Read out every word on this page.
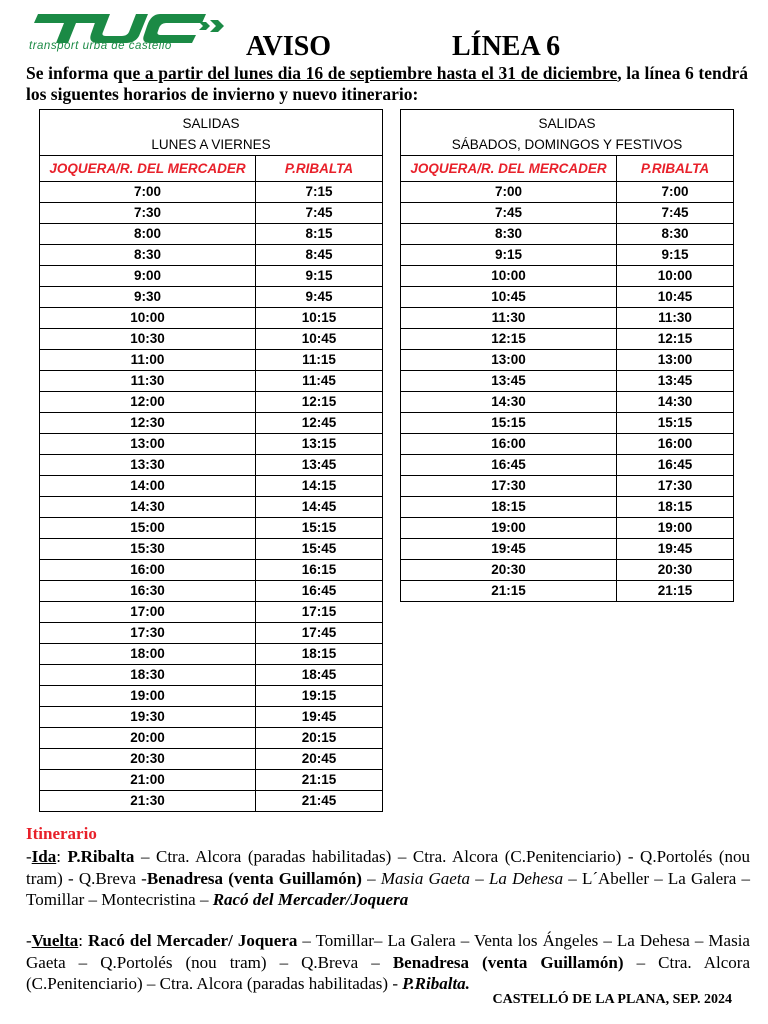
transport urbà de castelló	AVISO	LÍNEA 6
Se informa que a partir del lunes dia 16 de septiembre hasta el 31 de diciembre, la línea 6 tendrá los siguentes horarios de invierno y nuevo itinerario:
SALIDAS
LUNES A VIERNES	
JOQUERA/R. DEL MERCADER	P.RIBALTA
7:00	7:15
7:30	7:45
8:00	8:15
8:30	8:45
9:00	9:15
9:30	9:45
10:00	10:15
10:30	10:45
11:00	11:15
11:30	11:45
12:00	12:15
12:30	12:45
13:00	13:15
13:30	13:45
14:00	14:15
14:30	14:45
15:00	15:15
15:30	15:45
16:00	16:15
16:30	16:45
17:00	17:15
17:30	17:45
18:00	18:15
18:30	18:45
19:00	19:15
19:30	19:45
20:00	20:15
20:30	20:45
21:00	21:15
21:30	21:45
SALIDAS
SÁBADOS, DOMINGOS Y FESTIVOS	
JOQUERA/R. DEL MERCADER	P.RIBALTA
7:00	7:00
7:45	7:45
8:30	8:30
9:15	9:15
10:00	10:00
10:45	10:45
11:30	11:30
12:15	12:15
13:00	13:00
13:45	13:45
14:30	14:30
15:15	15:15
16:00	16:00
16:45	16:45
17:30	17:30
18:15	18:15
19:00	19:00
19:45	19:45
20:30	20:30
21:15	21:15
Itinerario
-Ida: P.Ribalta – Ctra. Alcora (paradas habilitadas) – Ctra. Alcora (C.Penitenciario) - Q.Portolés (nou tram) - Q.Breva -Benadresa (venta Guillamón) – Masia Gaeta – La Dehesa – L´Abeller – La Galera – Tomillar – Montecristina – Racó del Mercader/Joquera
-Vuelta: Racó del Mercader/ Joquera – Tomillar– La Galera – Venta los Ángeles – La Dehesa – Masia Gaeta – Q.Portolés (nou tram) – Q.Breva – Benadresa (venta Guillamón) – Ctra. Alcora (C.Penitenciario) – Ctra. Alcora (paradas habilitadas) - P.Ribalta.
CASTELLÓ DE LA PLANA, SEP. 2024
